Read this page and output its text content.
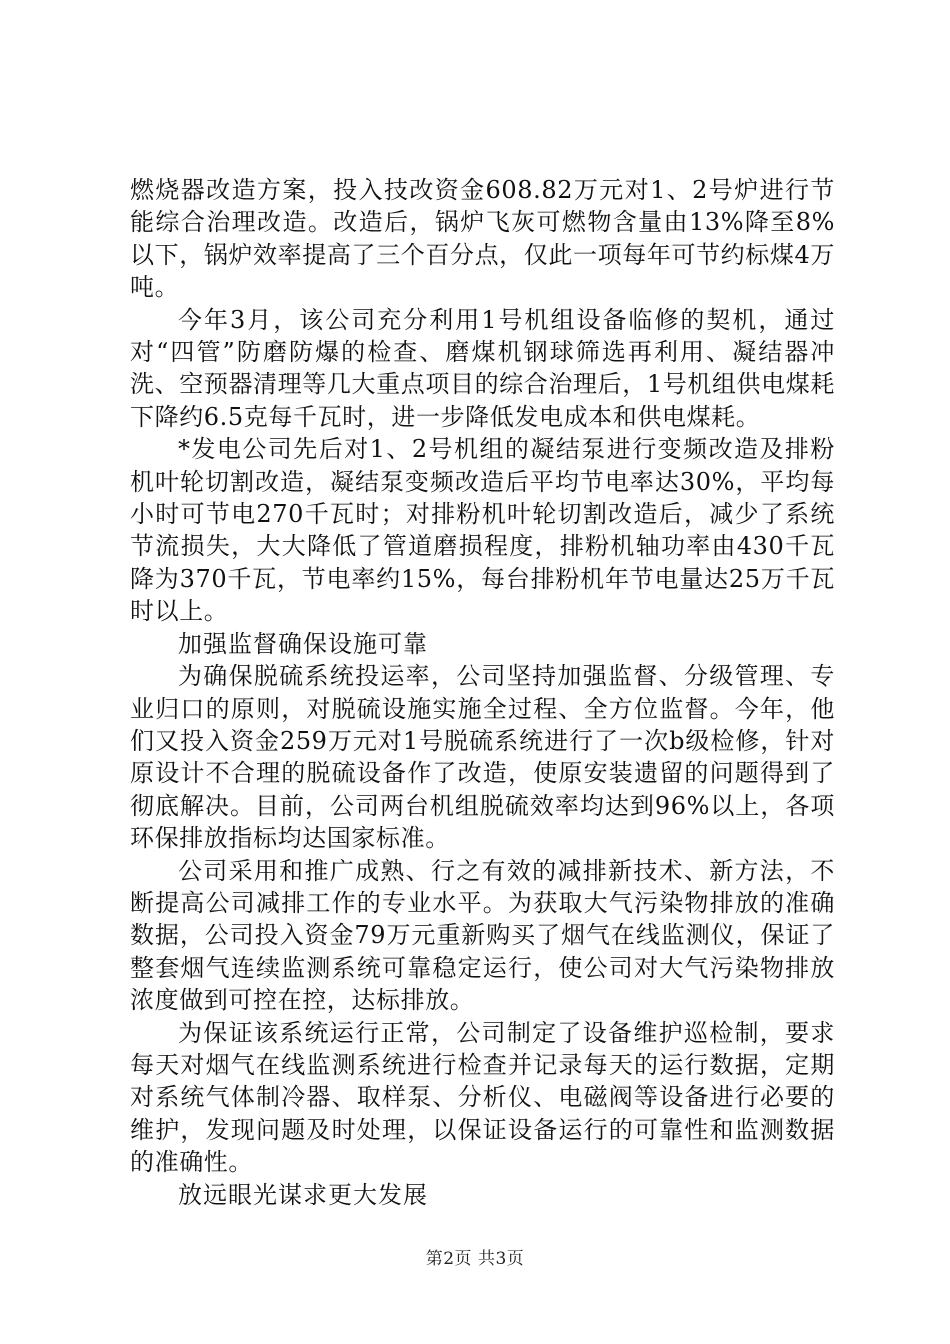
燃烧器改造方案，投入技改资金608.82万元对1、2号炉进行节能综合治理改造。改造后，锅炉飞灰可燃物含量由13%降至8%以下，锅炉效率提高了三个百分点，仅此一项每年可节约标煤4万吨。

今年3月，该公司充分利用1号机组设备临修的契机，通过对“四管”防磨防爆的检查、磨煤机钢球筛选再利用、凝结器冲洗、空预器清理等几大重点项目的综合治理后，1号机组供电煤耗下降约6.5克每千瓦时，进一步降低发电成本和供电煤耗。

*发电公司先后对1、2号机组的凝结泵进行变频改造及排粉机叶轮切割改造，凝结泵变频改造后平均节电率达30%，平均每小时可节电270千瓦时；对排粉机叶轮切割改造后，减少了系统节流损失，大大降低了管道磨损程度，排粉机轴功率由430千瓦降为370千瓦，节电率约15%，每台排粉机年节电量达25万千瓦时以上。

加强监督确保设施可靠

为确保脱硫系统投运率，公司坚持加强监督、分级管理、专业归口的原则，对脱硫设施实施全过程、全方位监督。今年，他们又投入资金259万元对1号脱硫系统进行了一次b级检修，针对原设计不合理的脱硫设备作了改造，使原安装遗留的问题得到了彻底解决。目前，公司两台机组脱硫效率均达到96%以上，各项环保排放指标均达国家标准。

公司采用和推广成熟、行之有效的减排新技术、新方法，不断提高公司减排工作的专业水平。为获取大气污染物排放的准确数据，公司投入资金79万元重新购买了烟气在线监测仪，保证了整套烟气连续监测系统可靠稳定运行，使公司对大气污染物排放浓度做到可控在控，达标排放。

为保证该系统运行正常，公司制定了设备维护巡检制，要求每天对烟气在线监测系统进行检查并记录每天的运行数据，定期对系统气体制冷器、取样泵、分析仪、电磁阀等设备进行必要的维护，发现问题及时处理，以保证设备运行的可靠性和监测数据的准确性。

放远眼光谋求更大发展

第2页 共3页
